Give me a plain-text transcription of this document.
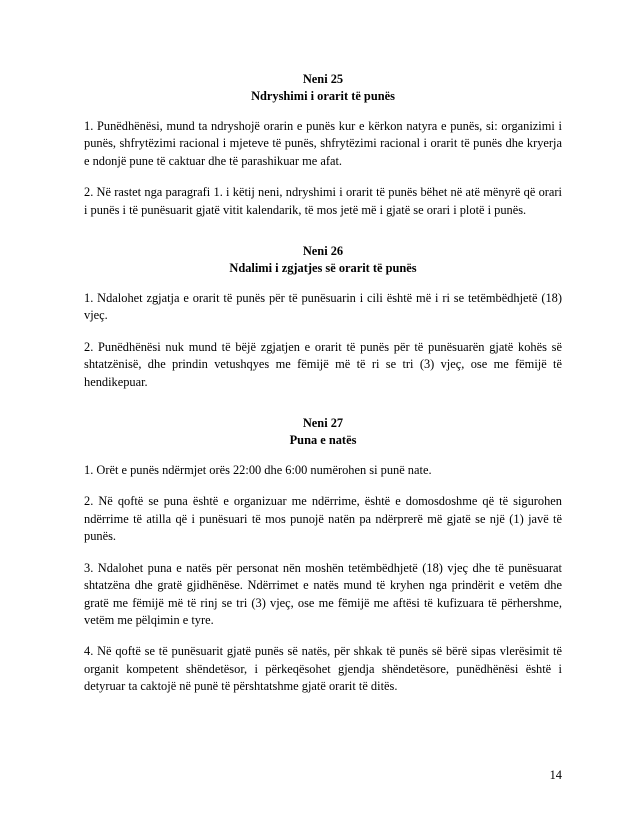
Neni 25

Ndryshimi i orarit të punës

1. Punëdhënësi, mund ta ndryshojë orarin e punës kur e kërkon natyra e punës, si: organizimi i punës, shfrytëzimi racional i mjeteve të punës, shfrytëzimi racional i orarit të punës dhe kryerja e ndonjë pune të caktuar dhe të parashikuar me afat.

2. Në rastet nga paragrafi 1. i këtij neni, ndryshimi i orarit të punës bëhet në atë mënyrë që orari i punës i të punësuarit gjatë vitit kalendarik, të mos jetë më i gjatë se orari i plotë i punës.

Neni 26

Ndalimi i zgjatjes së orarit të punës

1. Ndalohet zgjatja e orarit të punës për të punësuarin i cili është më i ri se tetëmbëdhjetë (18) vjeç.

2. Punëdhënësi nuk mund të bëjë zgjatjen e orarit të punës për të punësuarën gjatë kohës së shtatzënisë, dhe prindin vetushqyes me fëmijë më të ri se tri (3) vjeç, ose me fëmijë të hendikepuar.

Neni 27

Puna e natës

1. Orët e punës ndërmjet orës 22:00 dhe 6:00 numërohen si punë nate.

2. Në qoftë se puna është e organizuar me ndërrime, është e domosdoshme që të sigurohen ndërrime të atilla që i punësuari të mos punojë natën pa ndërprerë më gjatë se një (1) javë të punës.

3. Ndalohet puna e natës për personat nën moshën tetëmbëdhjetë (18) vjeç dhe të punësuarat shtatzëna dhe gratë gjidhënëse. Ndërrimet e natës mund të kryhen nga prindërit e vetëm dhe gratë me fëmijë më të rinj se tri (3) vjeç, ose me fëmijë me aftësi të kufizuara të përhershme, vetëm me pëlqimin e tyre.

4. Në qoftë se të punësuarit gjatë punës së natës, për shkak të punës së bërë sipas vlerësimit të organit kompetent shëndetësor, i përkeqësohet gjendja shëndetësore, punëdhënësi është i detyruar ta caktojë në punë të përshtatshme gjatë orarit të ditës.

14
